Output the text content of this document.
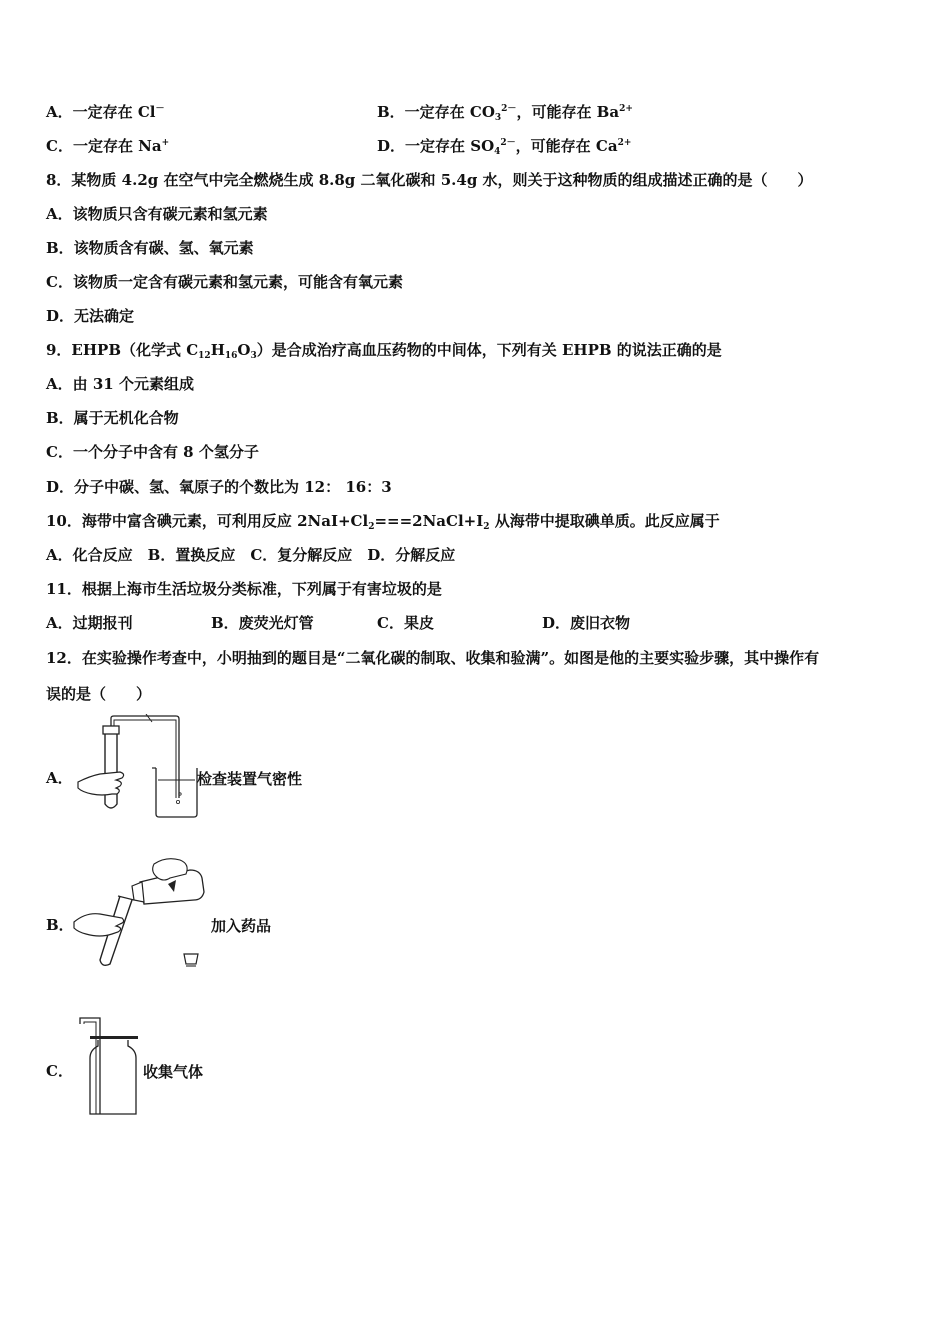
A．一定存在 Cl－	B．一定存在 $CO_3^{2-}$，可能存在 $Ba^{2+}$
C．一定存在 Na+	D．一定存在 $SO_4^{2-}$，可能存在 $Ca^{2+}$
8．某物质 4.2g 在空气中完全燃烧生成 8.8g 二氧化碳和 5.4g 水，则关于这种物质的组成描述正确的是（　　）
A．该物质只含有碳元素和氢元素
B．该物质含有碳、氢、氧元素
C．该物质一定含有碳元素和氢元素，可能含有氧元素
D．无法确定
9．EHPB（化学式 $C_{12}H_{16}O_3$）是合成治疗高血压药物的中间体，下列有关 EHPB 的说法正确的是
A．由 31 个元素组成
B．属于无机化合物
C．一个分子中含有 8 个氢分子
D．分子中碳、氢、氧原子的个数比为 12： 16：3
10．海带中富含碘元素，可利用反应 $2NaI+Cl_2===2NaCl+I_2$ 从海带中提取碘单质。此反应属于
A．化合反应　B．置换反应　C．复分解反应　D．分解反应
11．根据上海市生活垃圾分类标准，下列属于有害垃圾的是
A．过期报刊	B．废荧光灯管	C．果皮	D．废旧衣物
12．在实验操作考查中，小明抽到的题目是“二氧化碳的制取、收集和验满”。如图是他的主要实验步骤，其中操作有
误的是（　　）
A．	检查装置气密性
B．	加入药品
C．	收集气体
